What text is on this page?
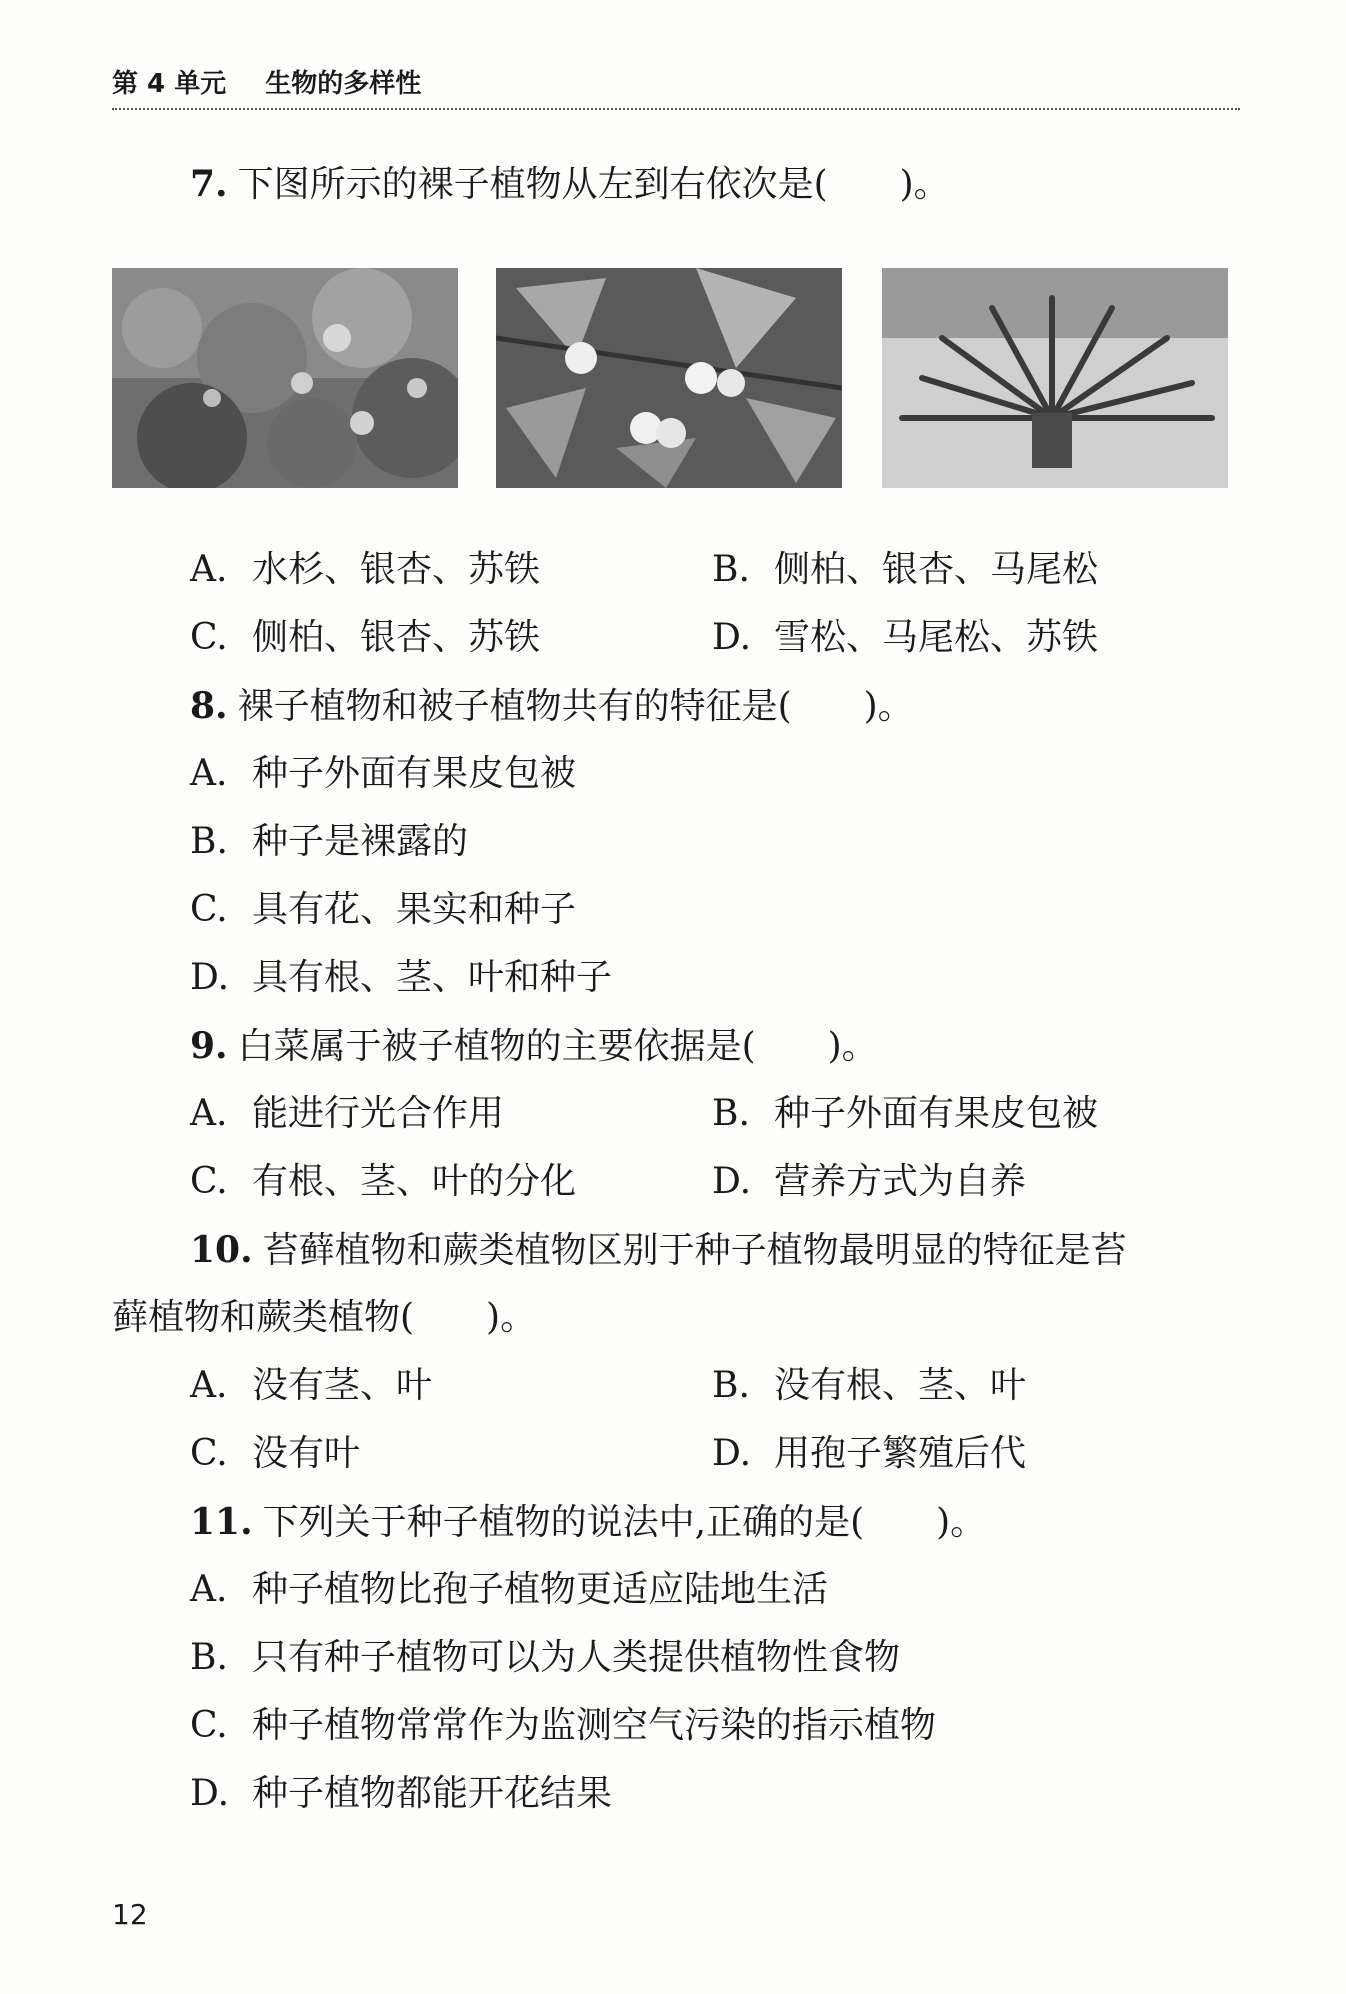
第 4 单元 生物的多样性
7. 下图所示的裸子植物从左到右依次是(　　)。
A. 水杉、银杏、苏铁	B. 侧柏、银杏、马尾松
C. 侧柏、银杏、苏铁	D. 雪松、马尾松、苏铁
8. 裸子植物和被子植物共有的特征是(　　)。
A. 种子外面有果皮包被
B. 种子是裸露的
C. 具有花、果实和种子
D. 具有根、茎、叶和种子
9. 白菜属于被子植物的主要依据是(　　)。
A. 能进行光合作用	B. 种子外面有果皮包被
C. 有根、茎、叶的分化	D. 营养方式为自养
10. 苔藓植物和蕨类植物区别于种子植物最明显的特征是苔
藓植物和蕨类植物(　　)。
A. 没有茎、叶	B. 没有根、茎、叶
C. 没有叶	D. 用孢子繁殖后代
11. 下列关于种子植物的说法中,正确的是(　　)。
A. 种子植物比孢子植物更适应陆地生活
B. 只有种子植物可以为人类提供植物性食物
C. 种子植物常常作为监测空气污染的指示植物
D. 种子植物都能开花结果
12
